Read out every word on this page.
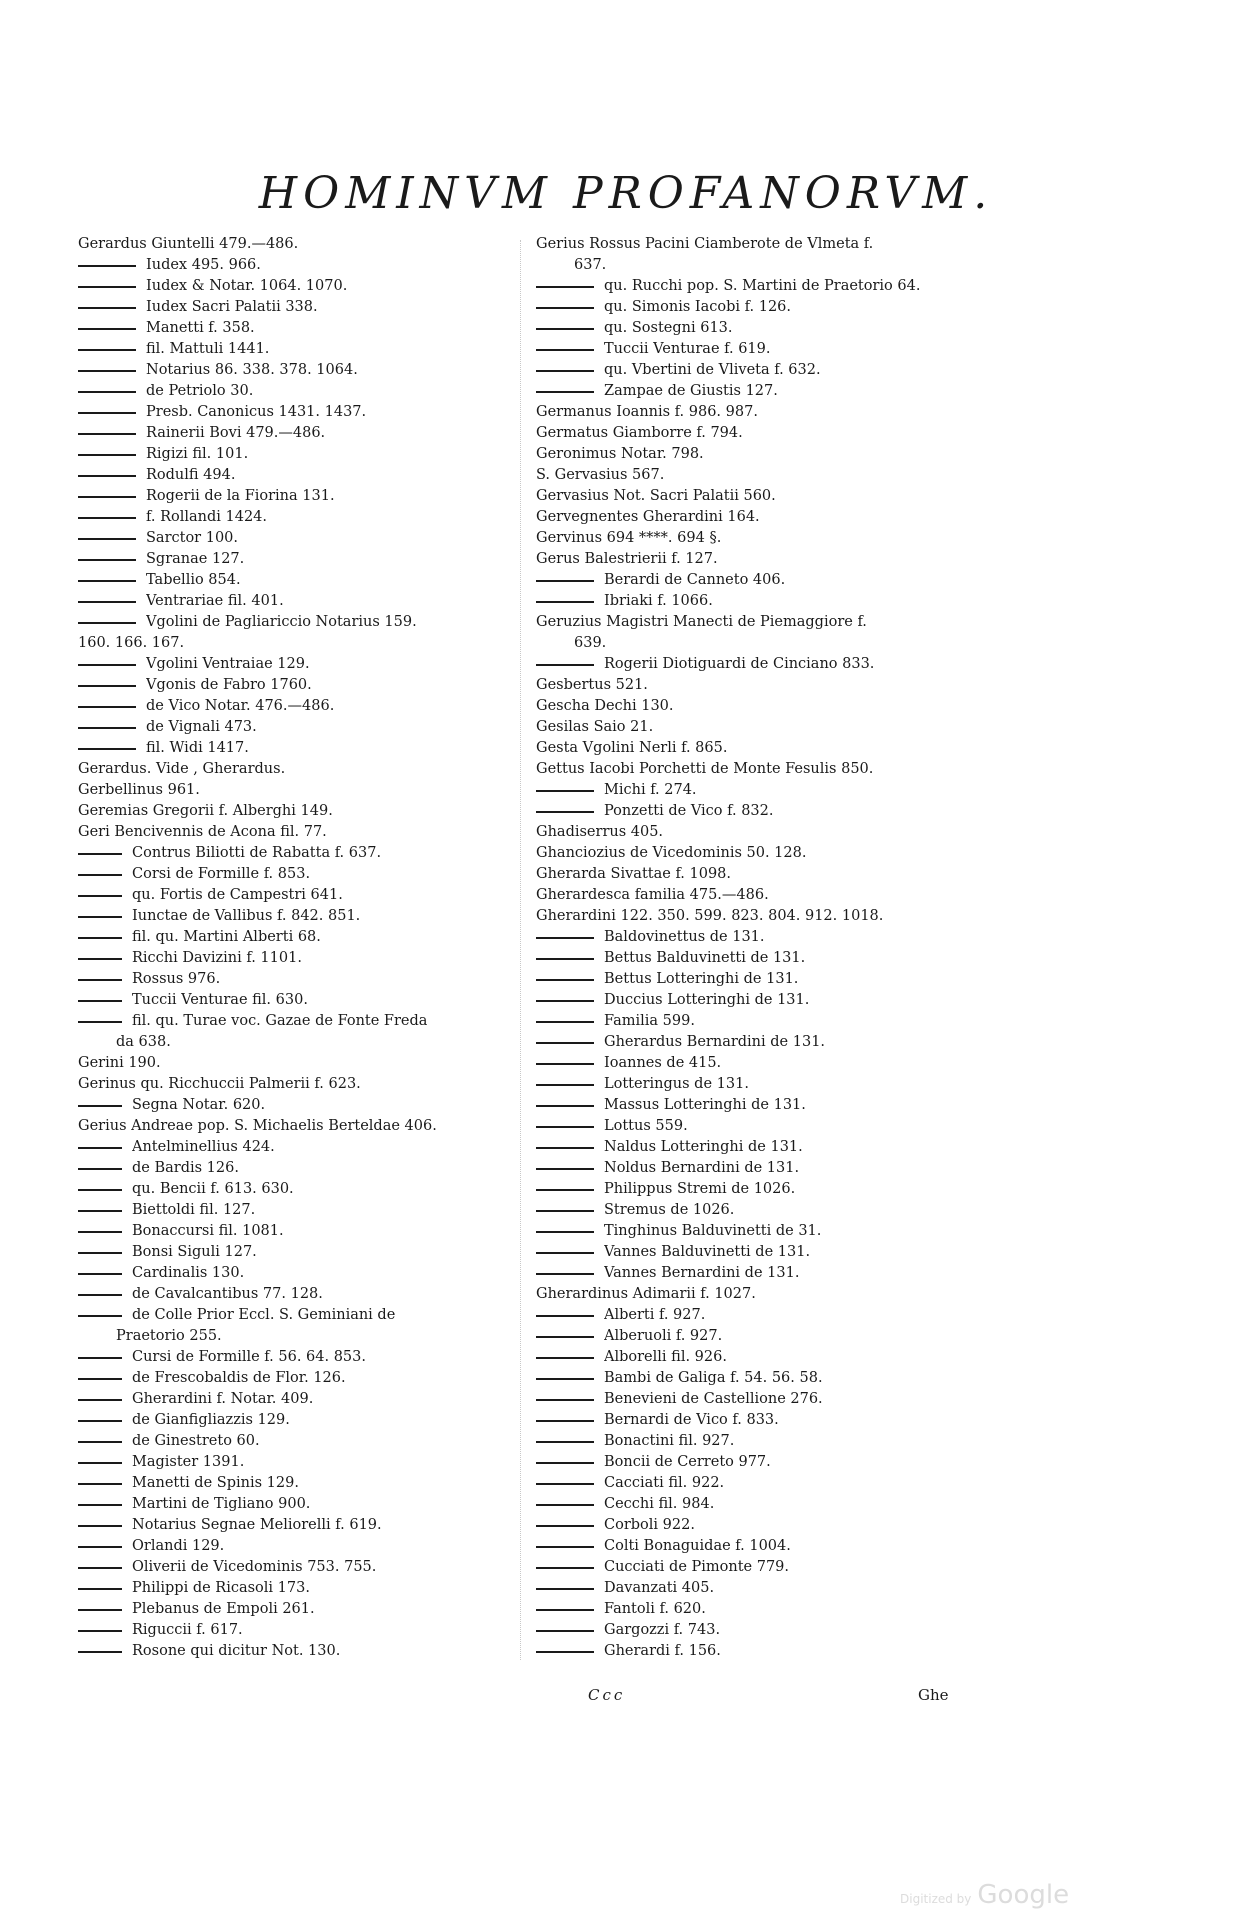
HOMINVM PROFANORVM.
Gerardus Giuntelli 479.—486.
Iudex 495. 966.
Iudex & Notar. 1064. 1070.
Iudex Sacri Palatii 338.
Manetti f. 358.
fil. Mattuli 1441.
Notarius 86. 338. 378. 1064.
de Petriolo 30.
Presb. Canonicus 1431. 1437.
Rainerii Bovi 479.—486.
Rigizi fil. 101.
Rodulfi 494.
Rogerii de la Fiorina 131.
f. Rollandi 1424.
Sarctor 100.
Sgranae 127.
Tabellio 854.
Ventrariae fil. 401.
Vgolini de Pagliariccio Notarius 159.
160. 166. 167.
Vgolini Ventraiae 129.
Vgonis de Fabro 1760.
de Vico Notar. 476.—486.
de Vignali 473.
fil. Widi 1417.
Gerardus. Vide , Gherardus.
Gerbellinus 961.
Geremias Gregorii f. Alberghi 149.
Geri Bencivennis de Acona fil. 77.
Contrus Biliotti de Rabatta f. 637.
Corsi de Formille f. 853.
qu. Fortis de Campestri 641.
Iunctae de Vallibus f. 842. 851.
fil. qu. Martini Alberti 68.
Ricchi Davizini f. 1101.
Rossus 976.
Tuccii Venturae fil. 630.
fil. qu. Turae voc. Gazae de Fonte Freda
da 638.
Gerini 190.
Gerinus qu. Ricchuccii Palmerii f. 623.
Segna Notar. 620.
Gerius Andreae pop. S. Michaelis Berteldae 406.
Antelminellius 424.
de Bardis 126.
qu. Bencii f. 613. 630.
Biettoldi fil. 127.
Bonaccursi fil. 1081.
Bonsi Siguli 127.
Cardinalis 130.
de Cavalcantibus 77. 128.
de Colle Prior Eccl. S. Geminiani de
Praetorio 255.
Cursi de Formille f. 56. 64. 853.
de Frescobaldis de Flor. 126.
Gherardini f. Notar. 409.
de Gianfigliazzis 129.
de Ginestreto 60.
Magister 1391.
Manetti de Spinis 129.
Martini de Tigliano 900.
Notarius Segnae Meliorelli f. 619.
Orlandi 129.
Oliverii de Vicedominis 753. 755.
Philippi de Ricasoli 173.
Plebanus de Empoli 261.
Riguccii f. 617.
Rosone qui dicitur Not. 130.
Gerius Rossus Pacini Ciamberote de Vlmeta f.
637.
qu. Rucchi pop. S. Martini de Praetorio 64.
qu. Simonis Iacobi f. 126.
qu. Sostegni 613.
Tuccii Venturae f. 619.
qu. Vbertini de Vliveta f. 632.
Zampae de Giustis 127.
Germanus Ioannis f. 986. 987.
Germatus Giamborre f. 794.
Geronimus Notar. 798.
S. Gervasius 567.
Gervasius Not. Sacri Palatii 560.
Gervegnentes Gherardini 164.
Gervinus 694 ****. 694 §.
Gerus Balestrierii f. 127.
Berardi de Canneto 406.
Ibriaki f. 1066.
Geruzius Magistri Manecti de Piemaggiore f.
639.
Rogerii Diotiguardi de Cinciano 833.
Gesbertus 521.
Gescha Dechi 130.
Gesilas Saio 21.
Gesta Vgolini Nerli f. 865.
Gettus Iacobi Porchetti de Monte Fesulis 850.
Michi f. 274.
Ponzetti de Vico f. 832.
Ghadiserrus 405.
Ghanciozius de Vicedominis 50. 128.
Gherarda Sivattae f. 1098.
Gherardesca familia 475.—486.
Gherardini 122. 350. 599. 823. 804. 912. 1018.
Baldovinettus de 131.
Bettus Balduvinetti de 131.
Bettus Lotteringhi de 131.
Duccius Lotteringhi de 131.
Familia 599.
Gherardus Bernardini de 131.
Ioannes de 415.
Lotteringus de 131.
Massus Lotteringhi de 131.
Lottus 559.
Naldus Lotteringhi de 131.
Noldus Bernardini de 131.
Philippus Stremi de 1026.
Stremus de 1026.
Tinghinus Balduvinetti de 31.
Vannes Balduvinetti de 131.
Vannes Bernardini de 131.
Gherardinus Adimarii f. 1027.
Alberti f. 927.
Alberuoli f. 927.
Alborelli fil. 926.
Bambi de Galiga f. 54. 56. 58.
Benevieni de Castellione 276.
Bernardi de Vico f. 833.
Bonactini fil. 927.
Boncii de Cerreto 977.
Cacciati fil. 922.
Cecchi fil. 984.
Corboli 922.
Colti Bonaguidae f. 1004.
Cucciati de Pimonte 779.
Davanzati 405.
Fantoli f. 620.
Gargozzi f. 743.
Gherardi f. 156.
Ccc	Ghe
Digitized by Google
